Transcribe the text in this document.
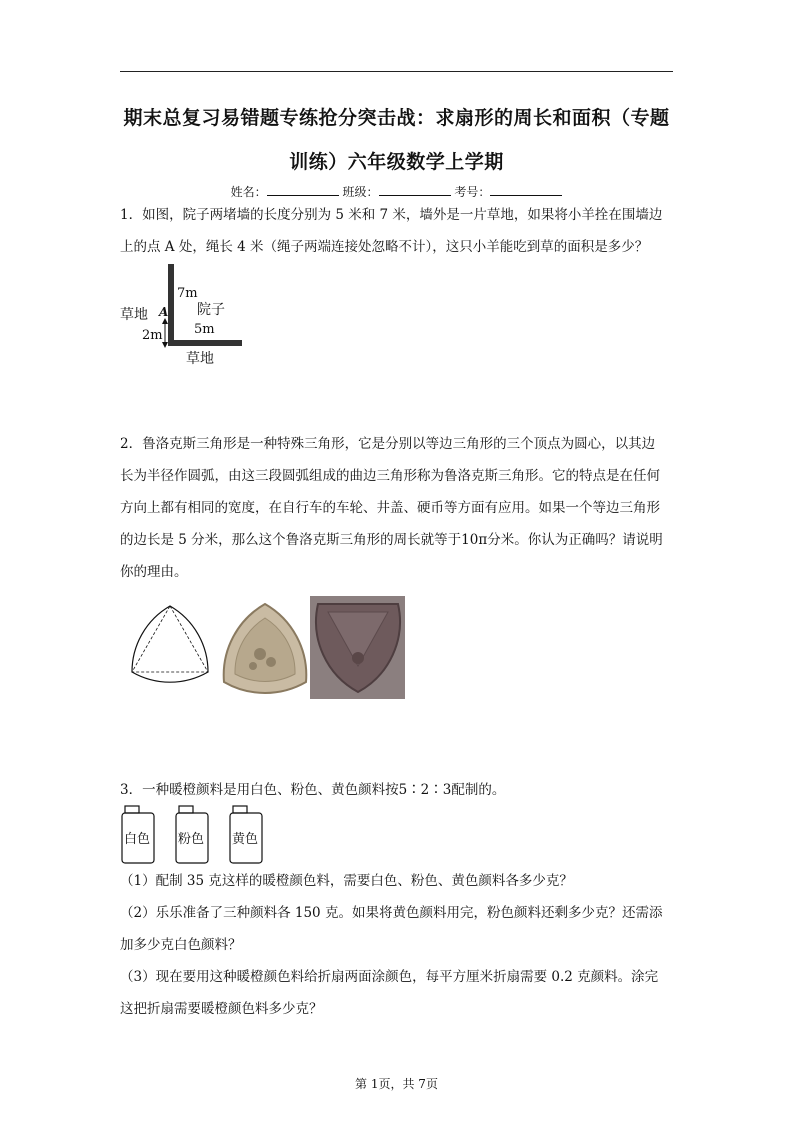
期末总复习易错题专练抢分突击战：求扇形的周长和面积（专题
训练）六年级数学上学期
姓名：	班级：	考号：
1．如图，院子两堵墙的长度分别为 5 米和 7 米，墙外是一片草地，如果将小羊拴在围墙边
上的点 A 处，绳长 4 米（绳子两端连接处忽略不计），这只小羊能吃到草的面积是多少？
草地 A
7m
院子
5m
2m
草地
2．鲁洛克斯三角形是一种特殊三角形，它是分别以等边三角形的三个顶点为圆心，以其边
长为半径作圆弧，由这三段圆弧组成的曲边三角形称为鲁洛克斯三角形。它的特点是在任何
方向上都有相同的宽度，在自行车的车轮、井盖、硬币等方面有应用。如果一个等边三角形
的边长是 5 分米，那么这个鲁洛克斯三角形的周长就等于10π分米。你认为正确吗？请说明
你的理由。
3．一种暖橙颜料是用白色、粉色、黄色颜料按5∶2∶3配制的。
白色 粉色 黄色
（1）配制 35 克这样的暖橙颜色料，需要白色、粉色、黄色颜料各多少克？
（2）乐乐准备了三种颜料各 150 克。如果将黄色颜料用完，粉色颜料还剩多少克？还需添
加多少克白色颜料？
（3）现在要用这种暖橙颜色料给折扇两面涂颜色，每平方厘米折扇需要 0.2 克颜料。涂完
这把折扇需要暖橙颜色料多少克？
第 1页，共 7页
